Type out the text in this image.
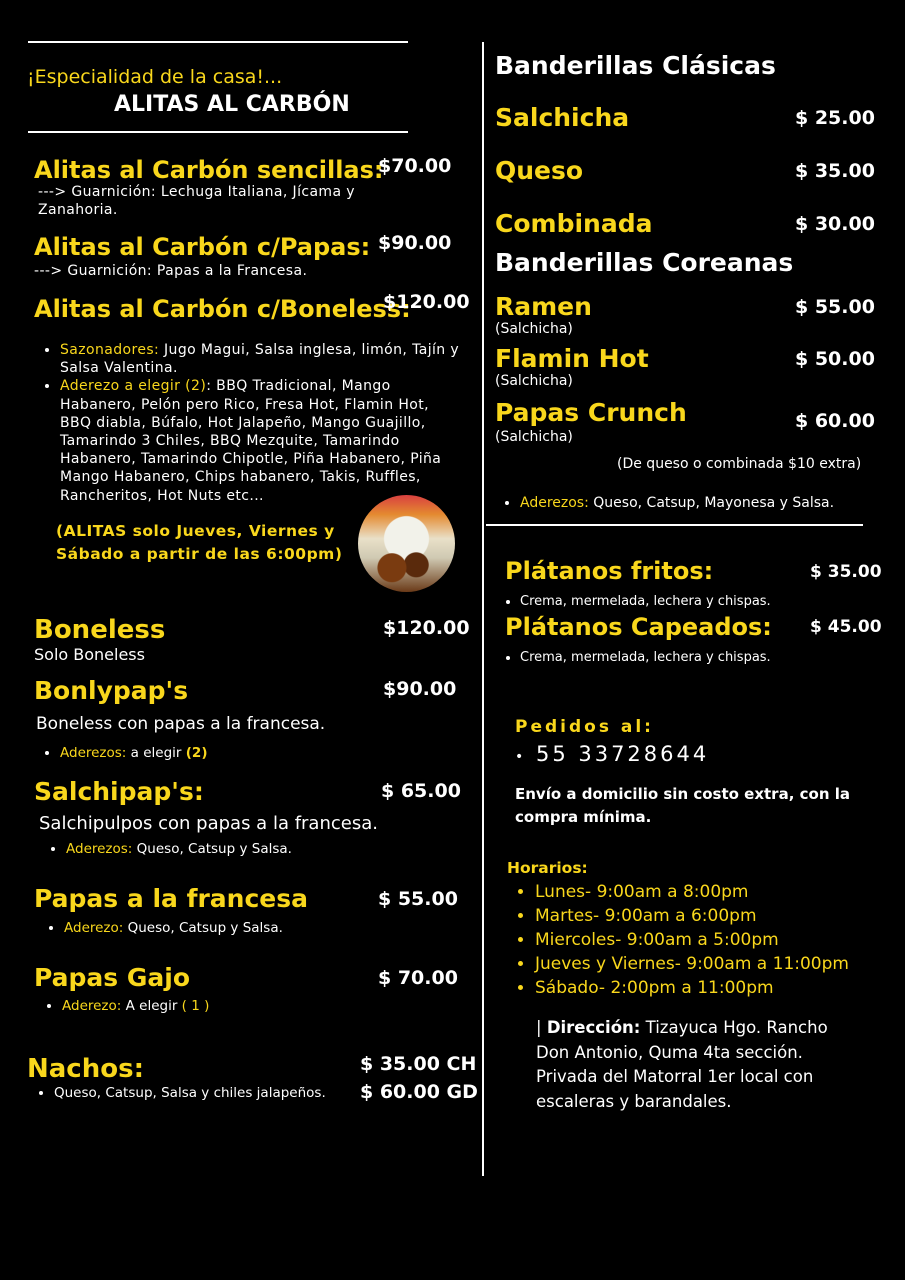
¡Especialidad de la casa!...
ALITAS AL CARBÓN
Alitas al Carbón sencillas:
$70.00
---> Guarnición: Lechuga Italiana, Jícama y Zanahoria.
Alitas al Carbón c/Papas: $90.00
---> Guarnición: Papas a la Francesa.
Alitas al Carbón c/Boneless:
$120.00
• Sazonadores: Jugo Magui, Salsa inglesa, limón, Tajín y Salsa Valentina.
• Aderezo a elegir (2): BBQ Tradicional, Mango Habanero, Pelón pero Rico, Fresa Hot, Flamin Hot, BBQ diabla, Búfalo, Hot Jalapeño, Mango Guajillo, Tamarindo 3 Chiles, BBQ Mezquite, Tamarindo Habanero, Tamarindo Chipotle, Piña Habanero, Piña Mango Habanero, Chips habanero, Takis, Ruffles, Rancheritos, Hot Nuts etc...
(ALITAS solo Jueves, Viernes y
Sábado a partir de las 6:00pm)
Boneless	$120.00
Solo Boneless
Bonlypap's	$90.00
Boneless con papas a la francesa.
• Aderezos: a elegir (2)
Salchipap's:	$ 65.00
Salchipulpos con papas a la francesa.
• Aderezos: Queso, Catsup y Salsa.
Papas a la francesa	$ 55.00
• Aderezo: Queso, Catsup y Salsa.
Papas Gajo	$ 70.00
• Aderezo: A elegir ( 1 )
Nachos:	$ 35.00 CH
$ 60.00 GD
• Queso, Catsup, Salsa y chiles jalapeños.
Banderillas Clásicas
Salchicha	$ 25.00
Queso	$ 35.00
Combinada	$ 30.00
Banderillas Coreanas
Ramen
(Salchicha)
$ 55.00
Flamin Hot
(Salchicha)
$ 50.00
Papas Crunch
(Salchicha)
$ 60.00
(De queso o combinada $10 extra)
• Aderezos: Queso, Catsup, Mayonesa y Salsa.
Plátanos fritos:	$ 35.00
• Crema, mermelada, lechera y chispas.
Plátanos Capeados: $ 45.00
• Crema, mermelada, lechera y chispas.
Pedidos al:
• 55 33728644
Envío a domicilio sin costo extra, con la compra mínima.
Horarios:
• Lunes- 9:00am a 8:00pm
• Martes- 9:00am a 6:00pm
• Miercoles- 9:00am a 5:00pm
• Jueves y Viernes- 9:00am a 11:00pm
• Sábado- 2:00pm a 11:00pm
| Dirección: Tizayuca Hgo. Rancho Don Antonio, Quma 4ta sección. Privada del Matorral 1er local con escaleras y barandales.
